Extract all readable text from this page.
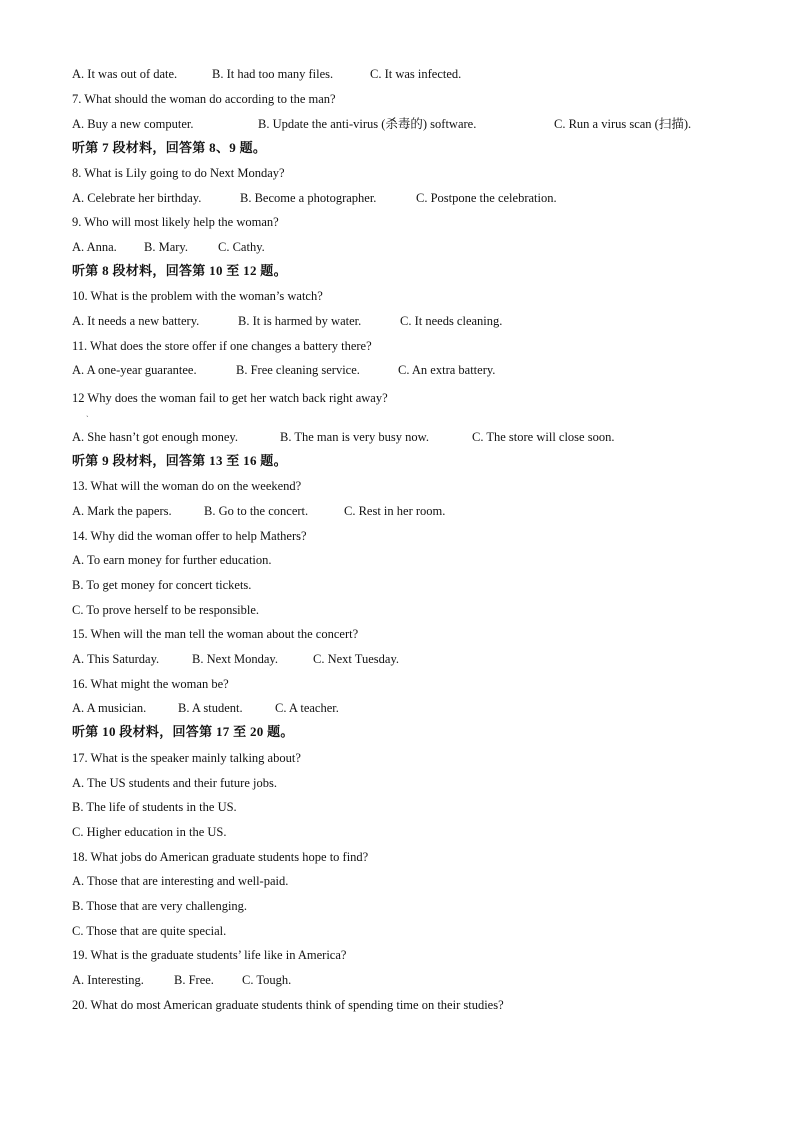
A. It was out of date.	B. It had too many files.	C. It was infected.
7. What should the woman do according to the man?
A. Buy a new computer.	B. Update the anti-virus (杀毒的) software.	C. Run a virus scan (扫描).
听第 7 段材料，回答第 8、9 题。
8. What is Lily going to do Next Monday?
A. Celebrate her birthday.	B. Become a photographer.	C. Postpone the celebration.
9. Who will most likely help the woman?
A. Anna. B. Mary. C. Cathy.
听第 8 段材料，回答第 10 至 12 题。
10. What is the problem with the woman’s watch?
A. It needs a new battery.	B. It is harmed by water.	C. It needs cleaning.
11. What does the store offer if one changes a battery there?
A. A one-year guarantee.	B. Free cleaning service.	C. An extra battery.
12 Why does the woman fail to get her watch back right away?
ˎ
A. She hasn’t got enough money.	B. The man is very busy now.	C. The store will close soon.
听第 9 段材料，回答第 13 至 16 题。
13. What will the woman do on the weekend?
A. Mark the papers.	B. Go to the concert.	C. Rest in her room.
14. Why did the woman offer to help Mathers?
A. To earn money for further education.
B. To get money for concert tickets.
C. To prove herself to be responsible.
15. When will the man tell the woman about the concert?
A. This Saturday.	B. Next Monday.	C. Next Tuesday.
16. What might the woman be?
A. A musician.	B. A student.	C. A teacher.
听第 10 段材料，回答第 17 至 20 题。
17. What is the speaker mainly talking about?
A. The US students and their future jobs.
B. The life of students in the US.
C. Higher education in the US.
18. What jobs do American graduate students hope to find?
A. Those that are interesting and well-paid.
B. Those that are very challenging.
C. Those that are quite special.
19. What is the graduate students’ life like in America?
A. Interesting. B. Free. C. Tough.
20. What do most American graduate students think of spending time on their studies?
